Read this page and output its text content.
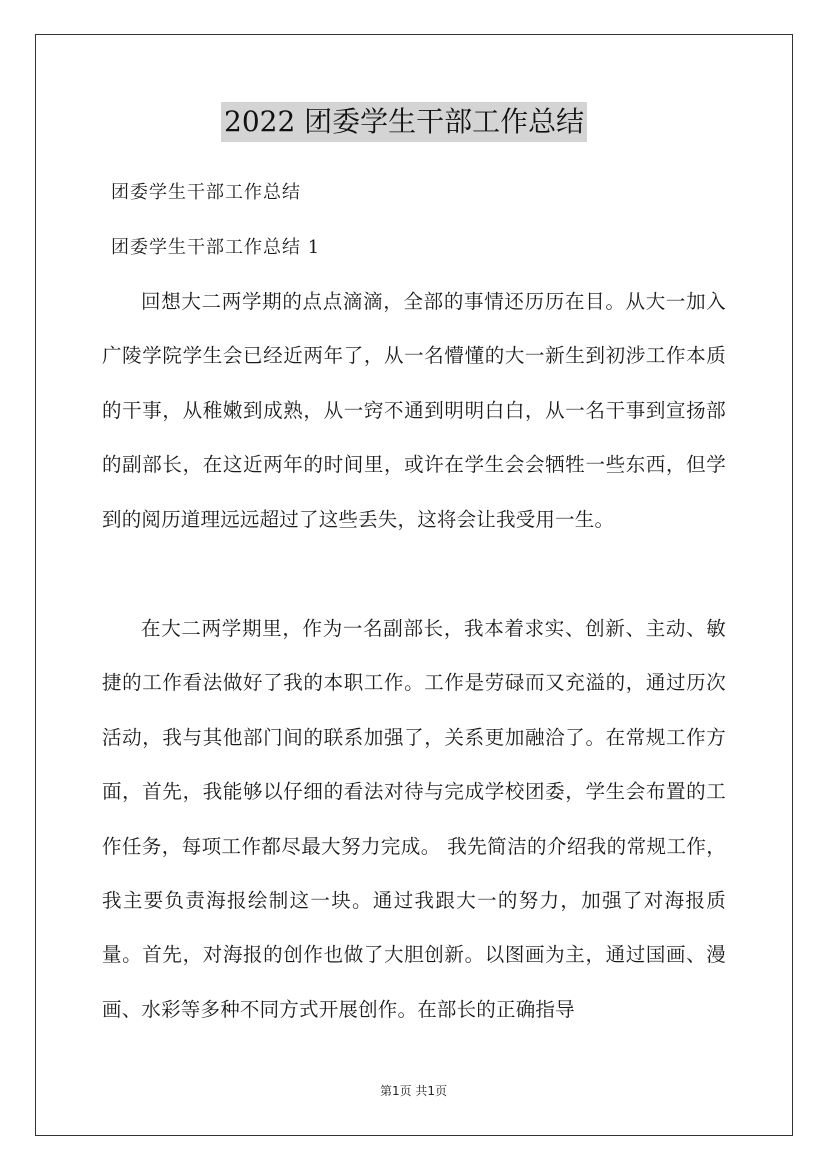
2022 团委学生干部工作总结
团委学生干部工作总结
团委学生干部工作总结 1
回想大二两学期的点点滴滴，全部的事情还历历在目。从大一加入广陵学院学生会已经近两年了，从一名懵懂的大一新生到初涉工作本质的干事，从稚嫩到成熟，从一窍不通到明明白白，从一名干事到宣扬部的副部长，在这近两年的时间里，或许在学生会会牺牲一些东西，但学到的阅历道理远远超过了这些丢失，这将会让我受用一生。
在大二两学期里，作为一名副部长，我本着求实、创新、主动、敏捷的工作看法做好了我的本职工作。工作是劳碌而又充溢的，通过历次活动，我与其他部门间的联系加强了，关系更加融洽了。在常规工作方面，首先，我能够以仔细的看法对待与完成学校团委，学生会布置的工作任务，每项工作都尽最大努力完成。 我先简洁的介绍我的常规工作，我主要负责海报绘制这一块。通过我跟大一的努力，加强了对海报质量。首先，对海报的创作也做了大胆创新。以图画为主，通过国画、漫画、水彩等多种不同方式开展创作。在部长的正确指导
第1页 共1页
